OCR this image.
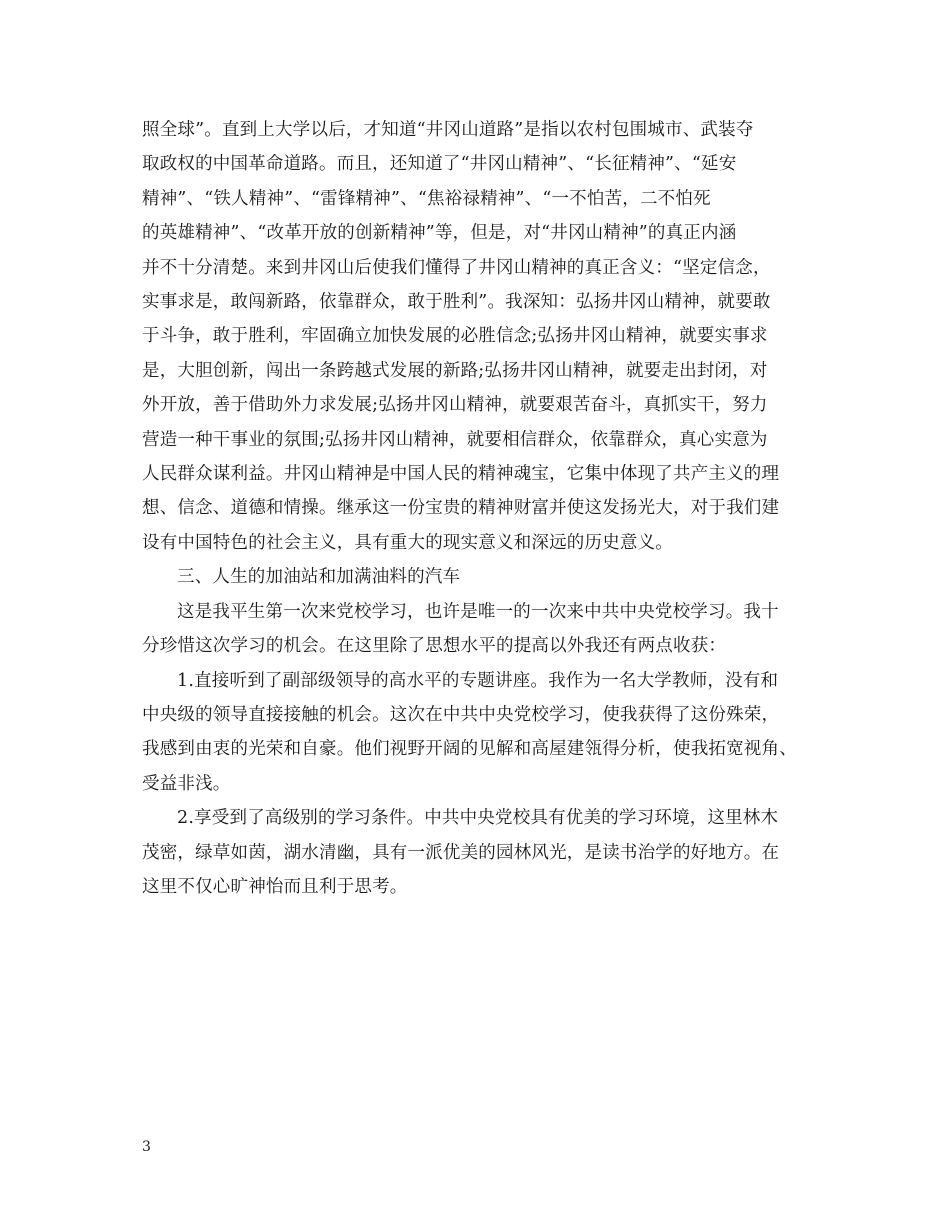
照全球”。直到上大学以后，才知道“井冈山道路”是指以农村包围城市、武装夺
取政权的中国革命道路。而且，还知道了“井冈山精神”、“长征精神”、“延安
精神”、“铁人精神”、“雷锋精神”、“焦裕禄精神”、“一不怕苦，二不怕死
的英雄精神”、“改革开放的创新精神”等，但是，对“井冈山精神”的真正内涵
并不十分清楚。来到井冈山后使我们懂得了井冈山精神的真正含义：“坚定信念，
实事求是，敢闯新路，依靠群众，敢于胜利”。我深知：弘扬井冈山精神，就要敢
于斗争，敢于胜利，牢固确立加快发展的必胜信念;弘扬井冈山精神，就要实事求
是，大胆创新，闯出一条跨越式发展的新路;弘扬井冈山精神，就要走出封闭，对
外开放，善于借助外力求发展;弘扬井冈山精神，就要艰苦奋斗，真抓实干，努力
营造一种干事业的氛围;弘扬井冈山精神，就要相信群众，依靠群众，真心实意为
人民群众谋利益。井冈山精神是中国人民的精神魂宝，它集中体现了共产主义的理
想、信念、道德和情操。继承这一份宝贵的精神财富并使这发扬光大，对于我们建
设有中国特色的社会主义，具有重大的现实意义和深远的历史意义。
三、人生的加油站和加满油料的汽车
这是我平生第一次来党校学习，也许是唯一的一次来中共中央党校学习。我十
分珍惜这次学习的机会。在这里除了思想水平的提高以外我还有两点收获：
1.直接听到了副部级领导的高水平的专题讲座。我作为一名大学教师，没有和
中央级的领导直接接触的机会。这次在中共中央党校学习，使我获得了这份殊荣，
我感到由衷的光荣和自豪。他们视野开阔的见解和高屋建瓴得分析，使我拓宽视角、
受益非浅。
2.享受到了高级别的学习条件。中共中央党校具有优美的学习环境，这里林木
茂密，绿草如茵，湖水清幽，具有一派优美的园林风光，是读书治学的好地方。在
这里不仅心旷神怡而且利于思考。
3
